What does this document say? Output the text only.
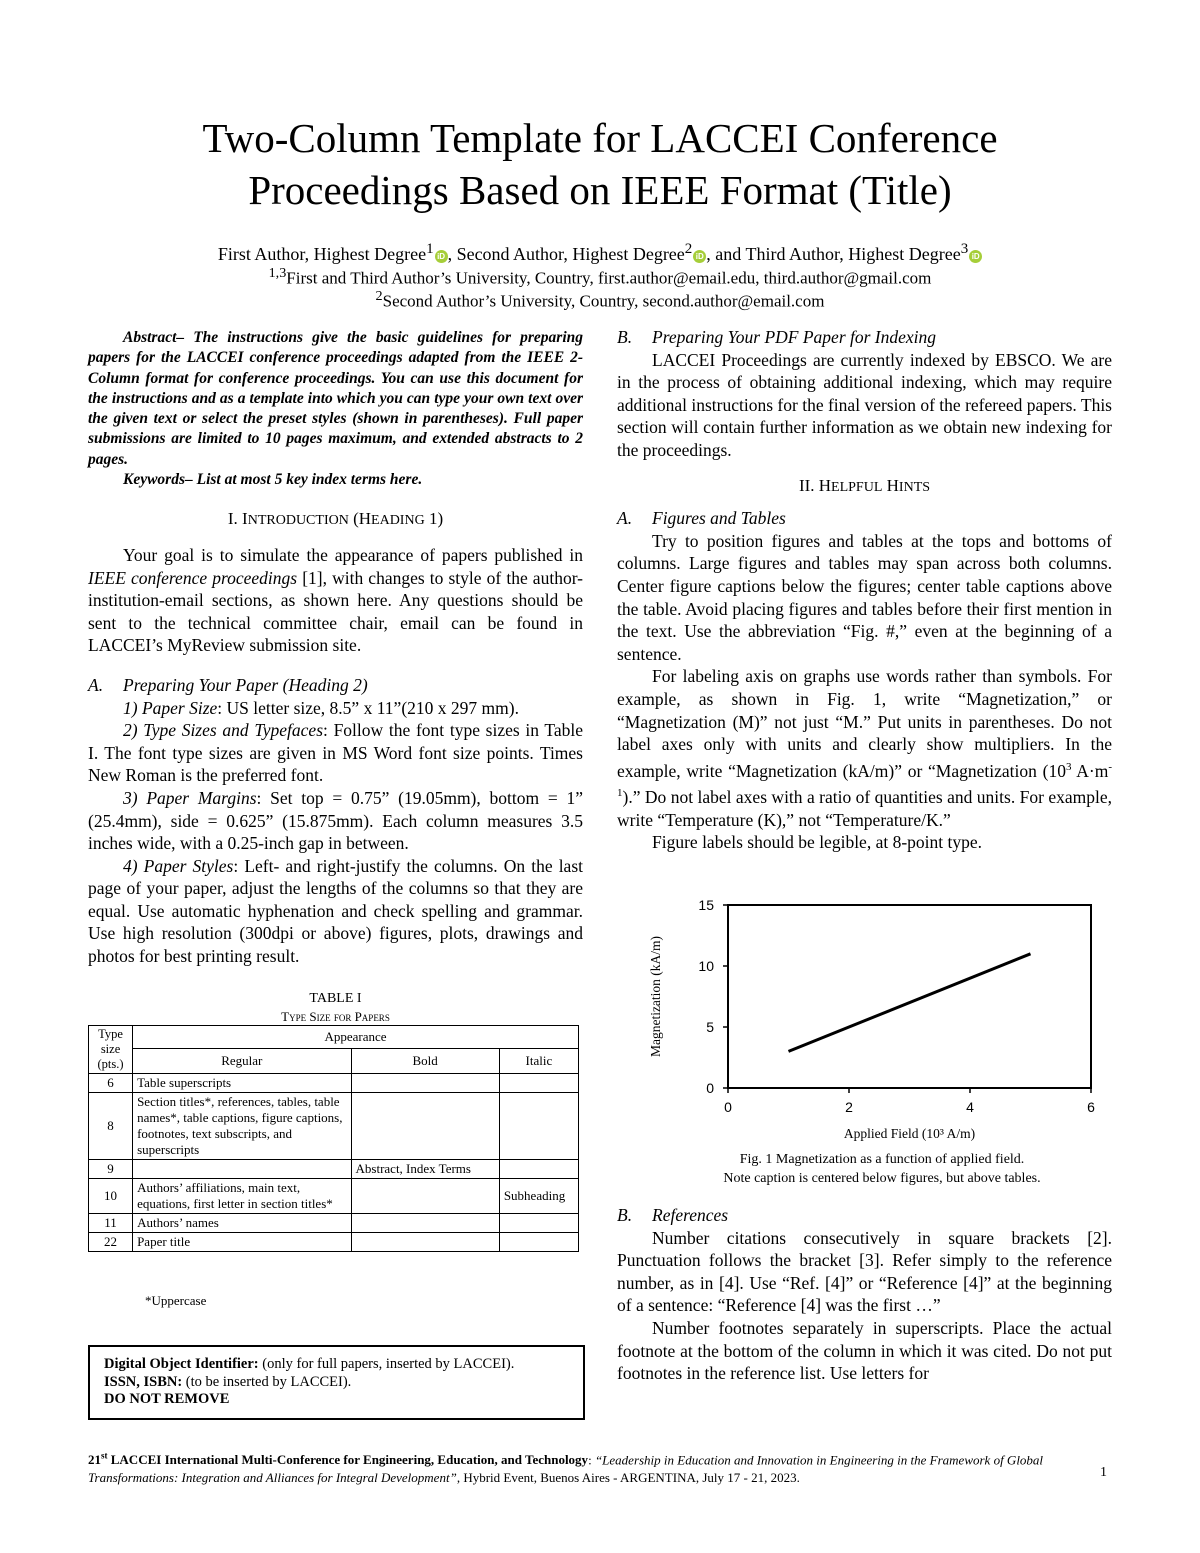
Two-Column Template for LACCEI Conference
Proceedings Based on IEEE Format (Title)
First Author, Highest Degree$^1$ iD , Second Author, Highest Degree$^2$ iD , and Third Author, Highest Degree$^3$ iD
$^{1,3}$First and Third Author’s University, Country, first.author@email.edu, third.author@gmail.com
$^2$Second Author’s University, Country, second.author@email.com

Abstract– The instructions give the basic guidelines for preparing papers for the LACCEI conference proceedings adapted from the IEEE 2-Column format for conference proceedings. You can use this document for the instructions and as a template into which you can type your own text over the given text or select the preset styles (shown in parentheses). Full paper submissions are limited to 10 pages maximum, and extended abstracts to 2 pages.

Keywords– List at most 5 key index terms here.

I. INTRODUCTION (HEADING 1)

Your goal is to simulate the appearance of papers published in IEEE conference proceedings [1], with changes to style of the author-institution-email sections, as shown here. Any questions should be sent to the technical committee chair, email can be found in LACCEI’s MyReview submission site.

A. Preparing Your Paper (Heading 2)

1) Paper Size: US letter size, 8.5” x 11”(210 x 297 mm).

2) Type Sizes and Typefaces: Follow the font type sizes in Table I. The font type sizes are given in MS Word font size points. Times New Roman is the preferred font.

3) Paper Margins: Set top = 0.75” (19.05mm), bottom = 1” (25.4mm), side = 0.625” (15.875mm). Each column measures 3.5 inches wide, with a 0.25-inch gap in between.

4) Paper Styles: Left- and right-justify the columns. On the last page of your paper, adjust the lengths of the columns so that they are equal. Use automatic hyphenation and check spelling and grammar. Use high resolution (300dpi or above) figures, plots, drawings and photos for best printing result.

TABLE I
Type Size for Papers
Type size (pts.)	Appearance		
	Regular	Bold	Italic
6	Table superscripts		
8	Section titles*, references, tables, table names*, table captions, figure captions, footnotes, text subscripts, and superscripts		
9		Abstract, Index Terms	
10	Authors’ affiliations, main text, equations, first letter in section titles*		Subheading
11	Authors’ names		
22	Paper title		
*Uppercase
Digital Object Identifier: (only for full papers, inserted by LACCEI).
ISSN, ISBN: (to be inserted by LACCEI).
DO NOT REMOVE

B. Preparing Your PDF Paper for Indexing

LACCEI Proceedings are currently indexed by EBSCO. We are in the process of obtaining additional indexing, which may require additional instructions for the final version of the refereed papers. This section will contain further information as we obtain new indexing for the proceedings.

II. HELPFUL HINTS

A. Figures and Tables

Try to position figures and tables at the tops and bottoms of columns. Large figures and tables may span across both columns. Center figure captions below the figures; center table captions above the table. Avoid placing figures and tables before their first mention in the text. Use the abbreviation “Fig. #,” even at the beginning of a sentence.

For labeling axis on graphs use words rather than symbols. For example, as shown in Fig. 1, write “Magnetization,” or “Magnetization (M)” not just “M.” Put units in parentheses. Do not label axes only with units and clearly show multipliers. In the example, write “Magnetization (kA/m)” or “Magnetization ($10^3$ $A\cdot m^{-1}$).” Do not label axes with a ratio of quantities and units. For example, write “Temperature (K),” not “Temperature/K.”

Figure labels should be legible, at 8-point type.

0
5
10
15
0	2	4	6
Applied Field (10³ A/m)
Magnetization (kA/m)
Fig. 1 Magnetization as a function of applied field.
Note caption is centered below figures, but above tables.

B. References

Number citations consecutively in square brackets [2]. Punctuation follows the bracket [3]. Refer simply to the reference number, as in [4]. Use “Ref. [4]” or “Reference [4]” at the beginning of a sentence: “Reference [4] was the first …”

Number footnotes separately in superscripts. Place the actual footnote at the bottom of the column in which it was cited. Do not put footnotes in the reference list. Use letters for

21st LACCEI International Multi-Conference for Engineering, Education, and Technology: “Leadership in Education and Innovation in Engineering in the Framework of Global Transformations: Integration and Alliances for Integral Development”, Hybrid Event, Buenos Aires - ARGENTINA, July 17 - 21, 2023.	1
